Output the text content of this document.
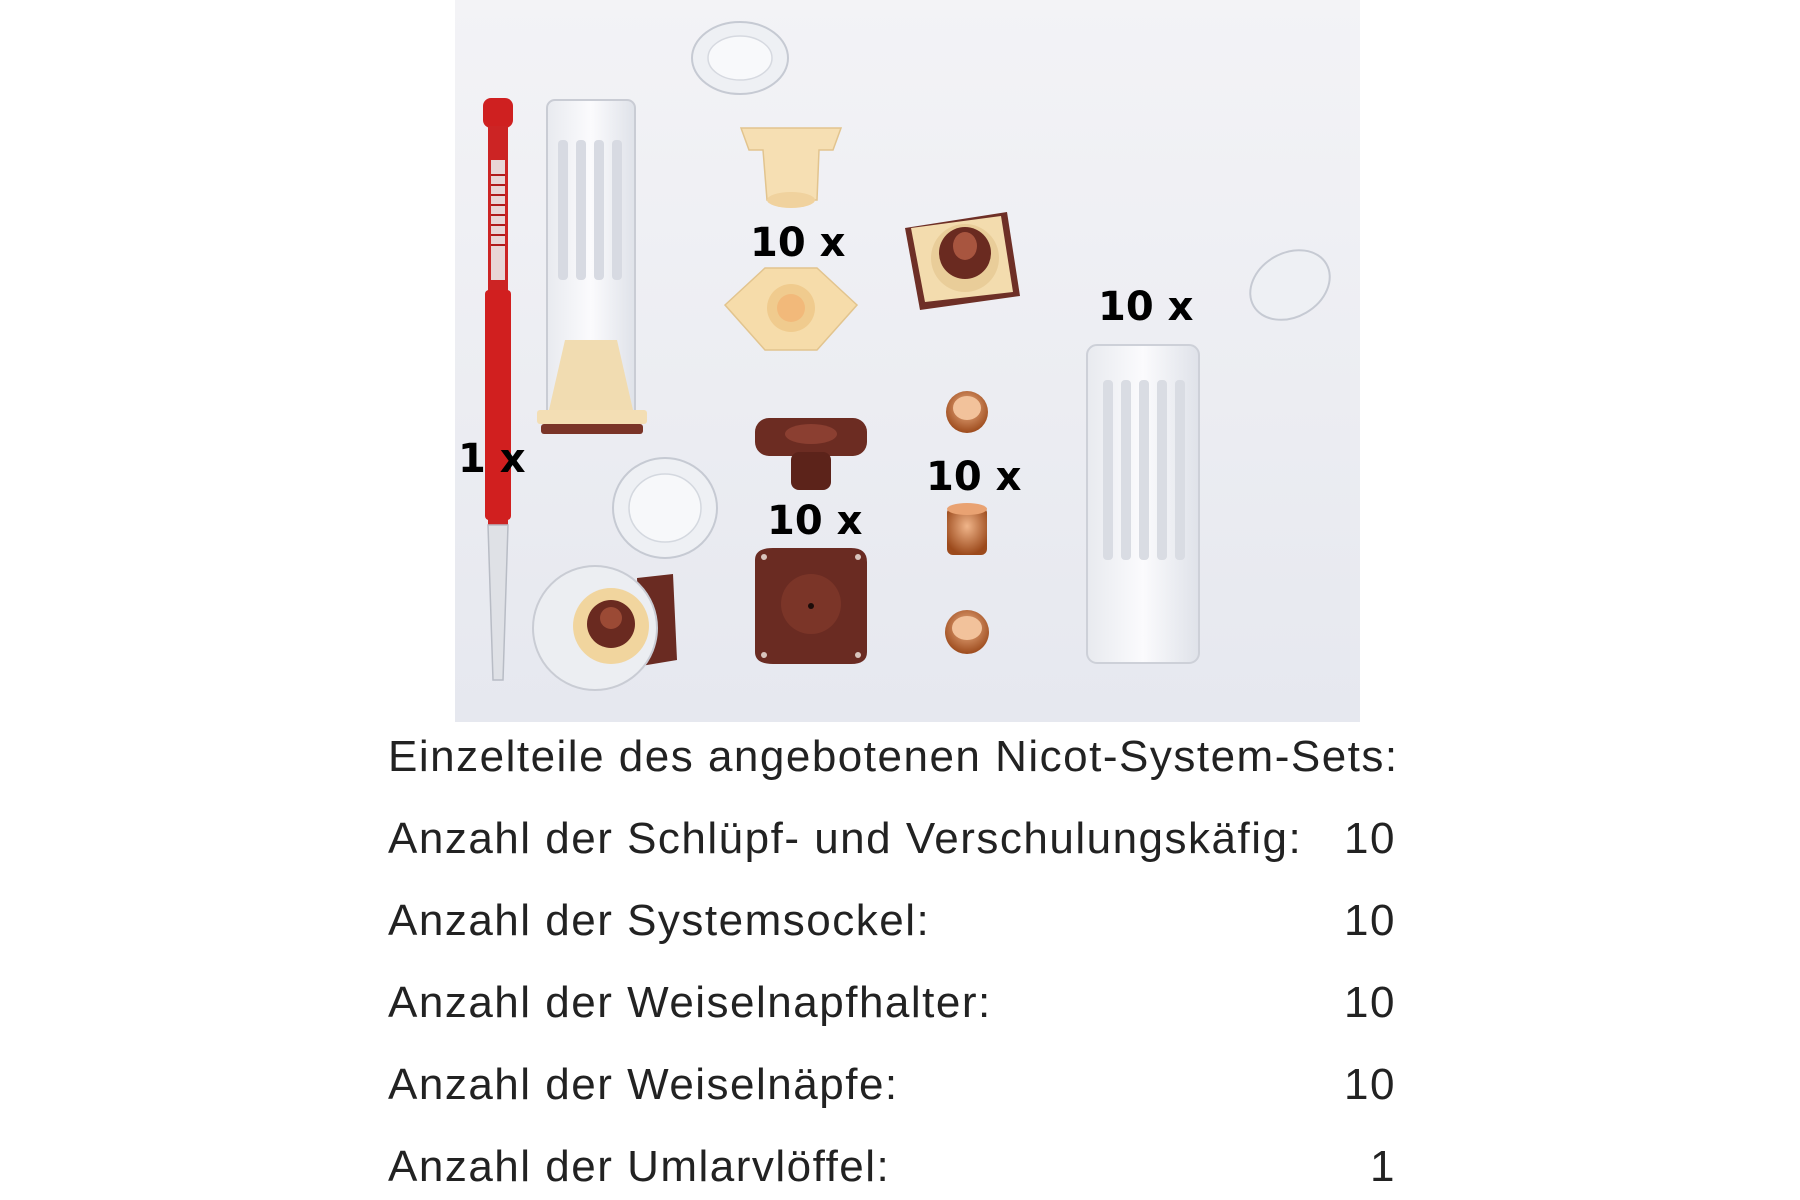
10 x
10 x
1 x	10 x
10 x
Einzelteile des angebotenen Nicot-System-Sets:
Anzahl der Schlüpf- und Verschulungskäfig: 10
Anzahl der Systemsockel:	10
Anzahl der Weiselnapfhalter:	10
Anzahl der Weiselnäpfe:	10
Anzahl der Umlarvlöffel:	1
